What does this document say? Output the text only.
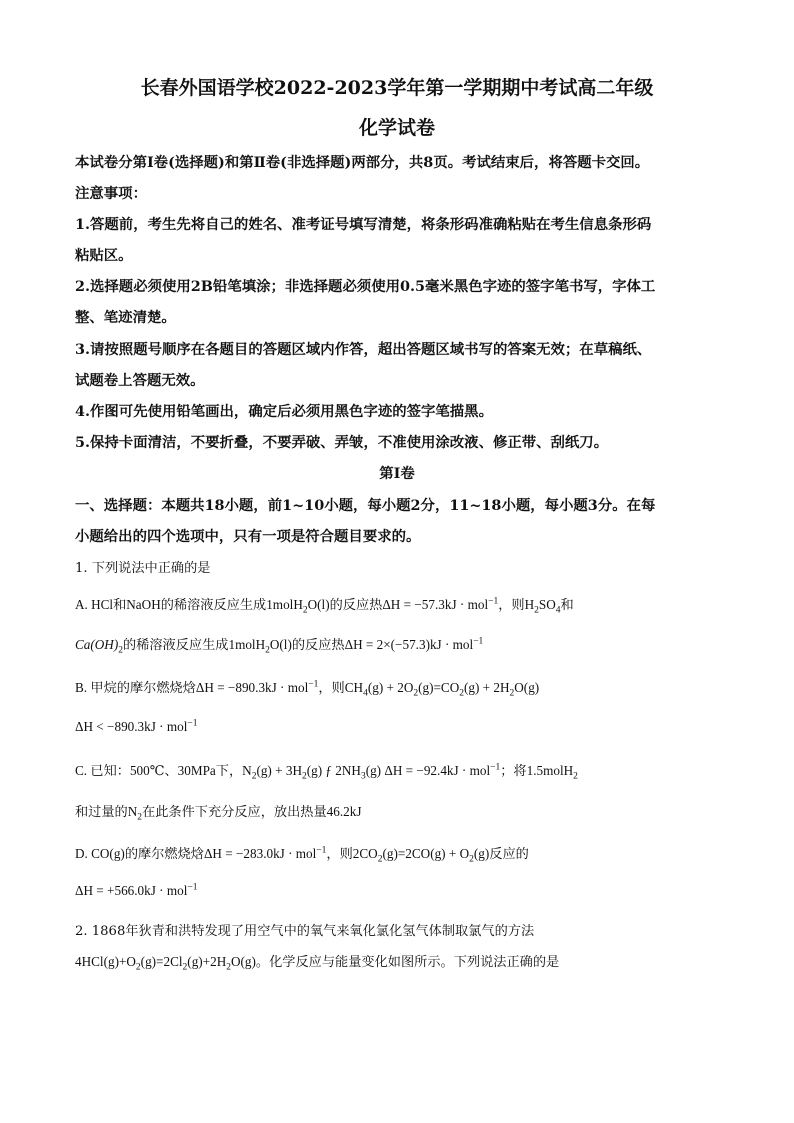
长春外国语学校2022-2023学年第一学期期中考试高二年级
化学试卷
本试卷分第Ⅰ卷(选择题)和第Ⅱ卷(非选择题)两部分，共8页。考试结束后，将答题卡交回。
注意事项：
1.答题前，考生先将自己的姓名、准考证号填写清楚，将条形码准确粘贴在考生信息条形码
粘贴区。
2.选择题必须使用2B铅笔填涂；非选择题必须使用0.5毫米黑色字迹的签字笔书写，字体工
整、笔迹清楚。
3.请按照题号顺序在各题目的答题区域内作答，超出答题区域书写的答案无效；在草稿纸、
试题卷上答题无效。
4.作图可先使用铅笔画出，确定后必须用黑色字迹的签字笔描黑。
5.保持卡面清洁，不要折叠，不要弄破、弄皱，不准使用涂改液、修正带、刮纸刀。
第Ⅰ卷
一、选择题：本题共18小题，前1~10小题，每小题2分，11~18小题，每小题3分。在每
小题给出的四个选项中，只有一项是符合题目要求的。
1. 下列说法中正确的是
A. HCl和NaOH的稀溶液反应生成1molH$_2$O(l)的反应热ΔH = −57.3kJ · mol$^{-1}$，则$H_2SO_4$和
$Ca(OH)_2$的稀溶液反应生成1molH$_2$O(l)的反应热ΔH = 2×(−57.3)kJ · mol$^{-1}$
B. 甲烷的摩尔燃烧焓ΔH = −890.3kJ · mol$^{-1}$，则$CH_4(g) + 2O_2(g)=CO_2(g) + 2H_2O(g)$
ΔH < −890.3kJ · mol$^{-1}$
C. 已知：500℃、30MPa下，$N_2(g) + 3H_2(g)$ ƒ $2NH_3(g) \Delta H = -92.4kJ \cdot mol^{-1}$；将1.5molH$_2$
和过量的$N_2$在此条件下充分反应，放出热量46.2kJ
D. CO(g)的摩尔燃烧焓ΔH = −283.0kJ · mol$^{-1}$，则$2CO_2(g)=2CO(g) + O_2(g)$反应的
ΔH = +566.0kJ · mol$^{-1}$
2. 1868年狄青和洪特发现了用空气中的氧气来氧化氯化氢气体制取氯气的方法
$4HCl(g)+O_2(g)=2Cl_2(g)+2H_2O(g)$。化学反应与能量变化如图所示。下列说法正确的是
